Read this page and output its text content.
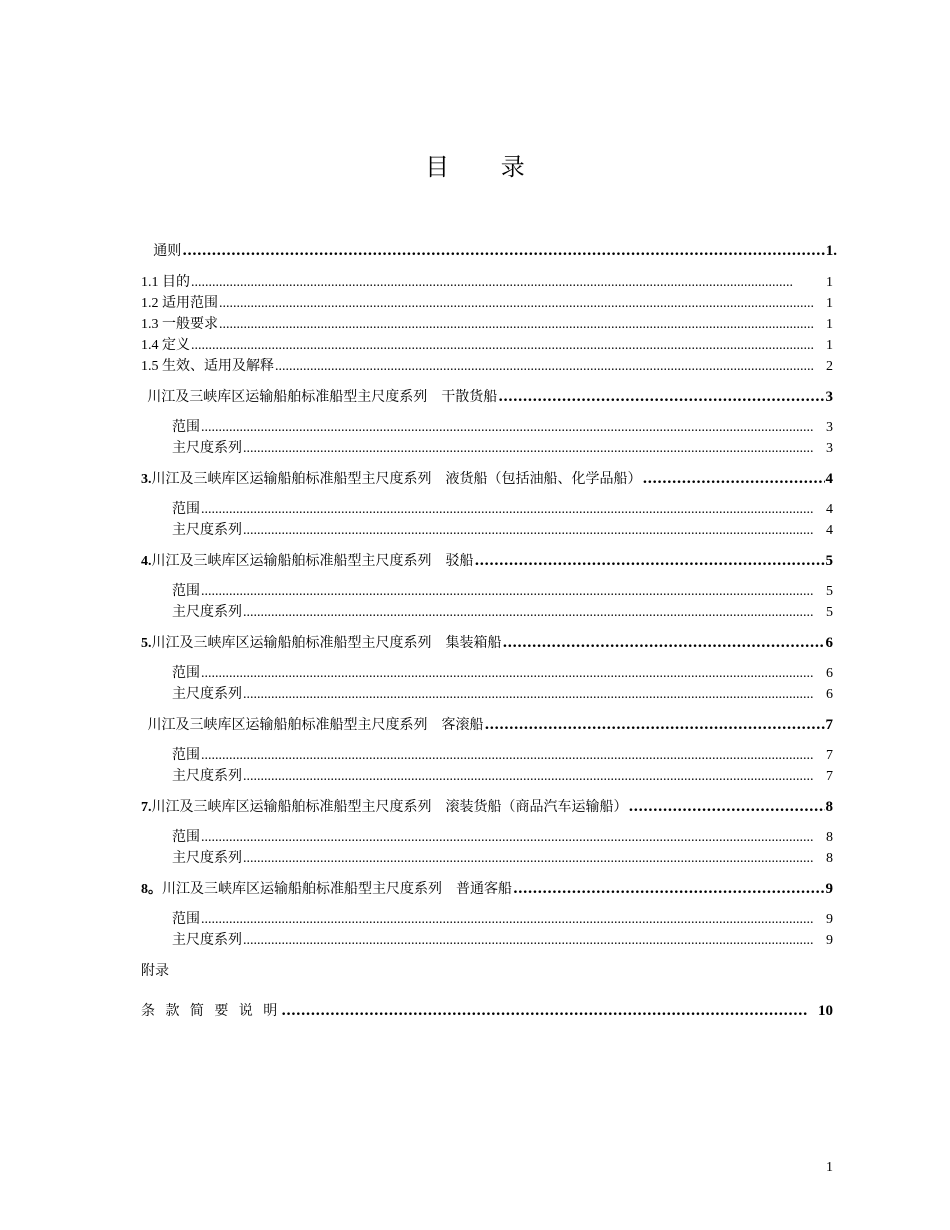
目 录
通则 .....	1.
1.1 目的 .....	1
1.2 适用范围 .....	1
1.3 一般要求 .....	1
1.4 定义 .....	1
1.5 生效、适用及解释 .....	2
川江及三峡库区运输船舶标准船型主尺度系列　干散货船 .....	3
范围 .....	3
主尺度系列 .....	3
3. 川江及三峡库区运输船舶标准船型主尺度系列　液货船（包括油船、化学品船） .....	4
范围 .....	4
主尺度系列 .....	4
4. 川江及三峡库区运输船舶标准船型主尺度系列　驳船 .....	5
范围 .....	5
主尺度系列 .....	5
5. 川江及三峡库区运输船舶标准船型主尺度系列　集装箱船 .....	6
范围 .....	6
主尺度系列 .....	6
川江及三峡库区运输船舶标准船型主尺度系列　客滚船 .....	7
范围 .....	7
主尺度系列 .....	7
7. 川江及三峡库区运输船舶标准船型主尺度系列　滚装货船（商品汽车运输船） .....	8
范围 .....	8
主尺度系列 .....	8
8。 川江及三峡库区运输船舶标准船型主尺度系列　普通客船 .....	9
范围 .....	9
主尺度系列 .....	9
附录
条 款 简 要 说 明 .....	10
1
